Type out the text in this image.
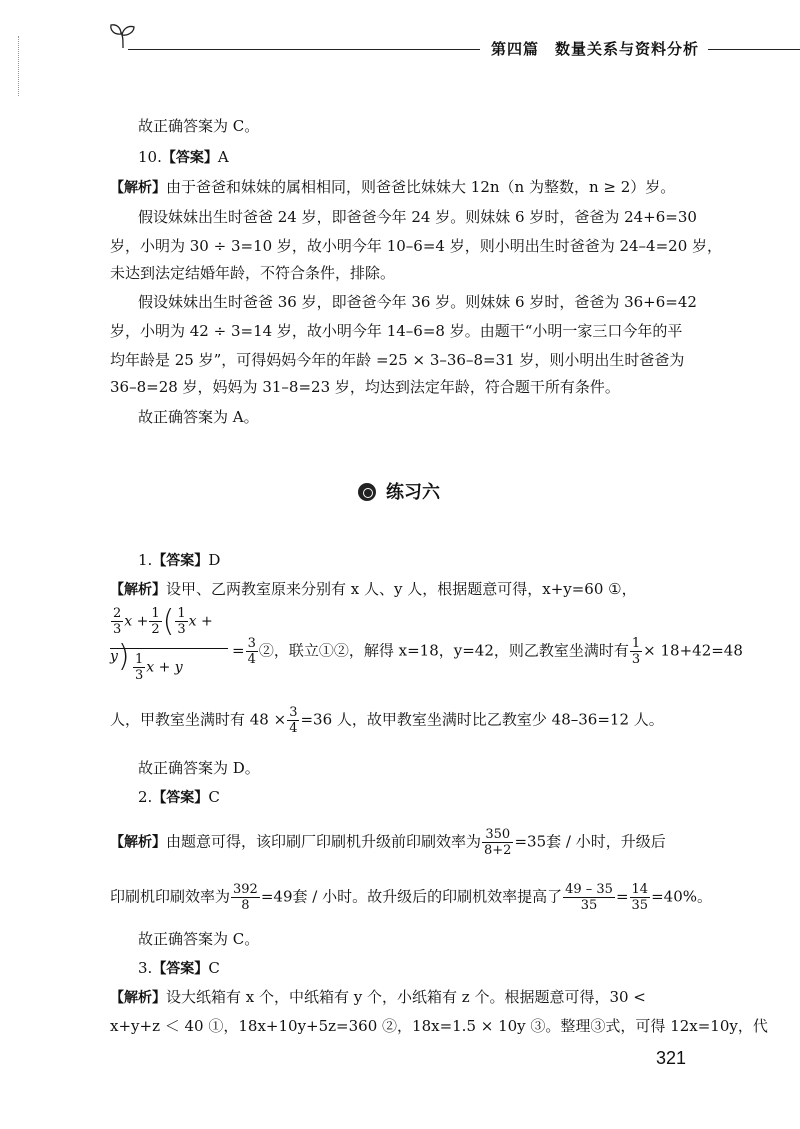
第四篇　数量关系与资料分析
故正确答案为 C。
10.【答案】A
【解析】由于爸爸和妹妹的属相相同，则爸爸比妹妹大 12n（n 为整数，n ≥ 2）岁。
假设妹妹出生时爸爸 24 岁，即爸爸今年 24 岁。则妹妹 6 岁时，爸爸为 24+6=30
岁，小明为 30 ÷ 3=10 岁，故小明今年 10–6=4 岁，则小明出生时爸爸为 24–4=20 岁，
未达到法定结婚年龄，不符合条件，排除。
假设妹妹出生时爸爸 36 岁，即爸爸今年 36 岁。则妹妹 6 岁时，爸爸为 36+6=42
岁，小明为 42 ÷ 3=14 岁，故小明今年 14–6=8 岁。由题干“小明一家三口今年的平
均年龄是 25 岁”，可得妈妈今年的年龄 =25 × 3–36–8=31 岁，则小明出生时爸爸为
36–8=28 岁，妈妈为 31–8=23 岁，均达到法定年龄，符合题干所有条件。
故正确答案为 A。
练习六
1.【答案】D
【解析】设甲、乙两教室原来分别有 x 人、y 人，根据题意可得，x+y=60 ①，
$\frac{2}{3}$ $x + \frac{1}{2}$ ( $\frac{1}{3}$ $x + y) \frac{1}{3}$ x + y
= $\frac{3}{4}$ ②，联立①②，解得 x=18，y=42，则乙教室坐满时有 $\frac{1}{3} \times 18+42=48$
人，甲教室坐满时有 $48 \times \frac{3}{4} =36$ 人，故甲教室坐满时比乙教室少 48–36=12 人。
故正确答案为 D。
2.【答案】C
【解析】由题意可得，该印刷厂印刷机升级前印刷效率为 $\frac{350}{8+2} =35$套 / 小时，升级后
印刷机印刷效率为 $\frac{392}{8} =49$套 / 小时。故升级后的印刷机效率提高了 $\frac{49 - 35}{35} = \frac{14}{35} =40\%$。
故正确答案为 C。
3.【答案】C
【解析】设大纸箱有 x 个，中纸箱有 y 个，小纸箱有 z 个。根据题意可得，30 <
x+y+z ＜ 40 ①，18x+10y+5z=360 ②，18x=1.5 × 10y ③。整理③式，可得 12x=10y，代
321
